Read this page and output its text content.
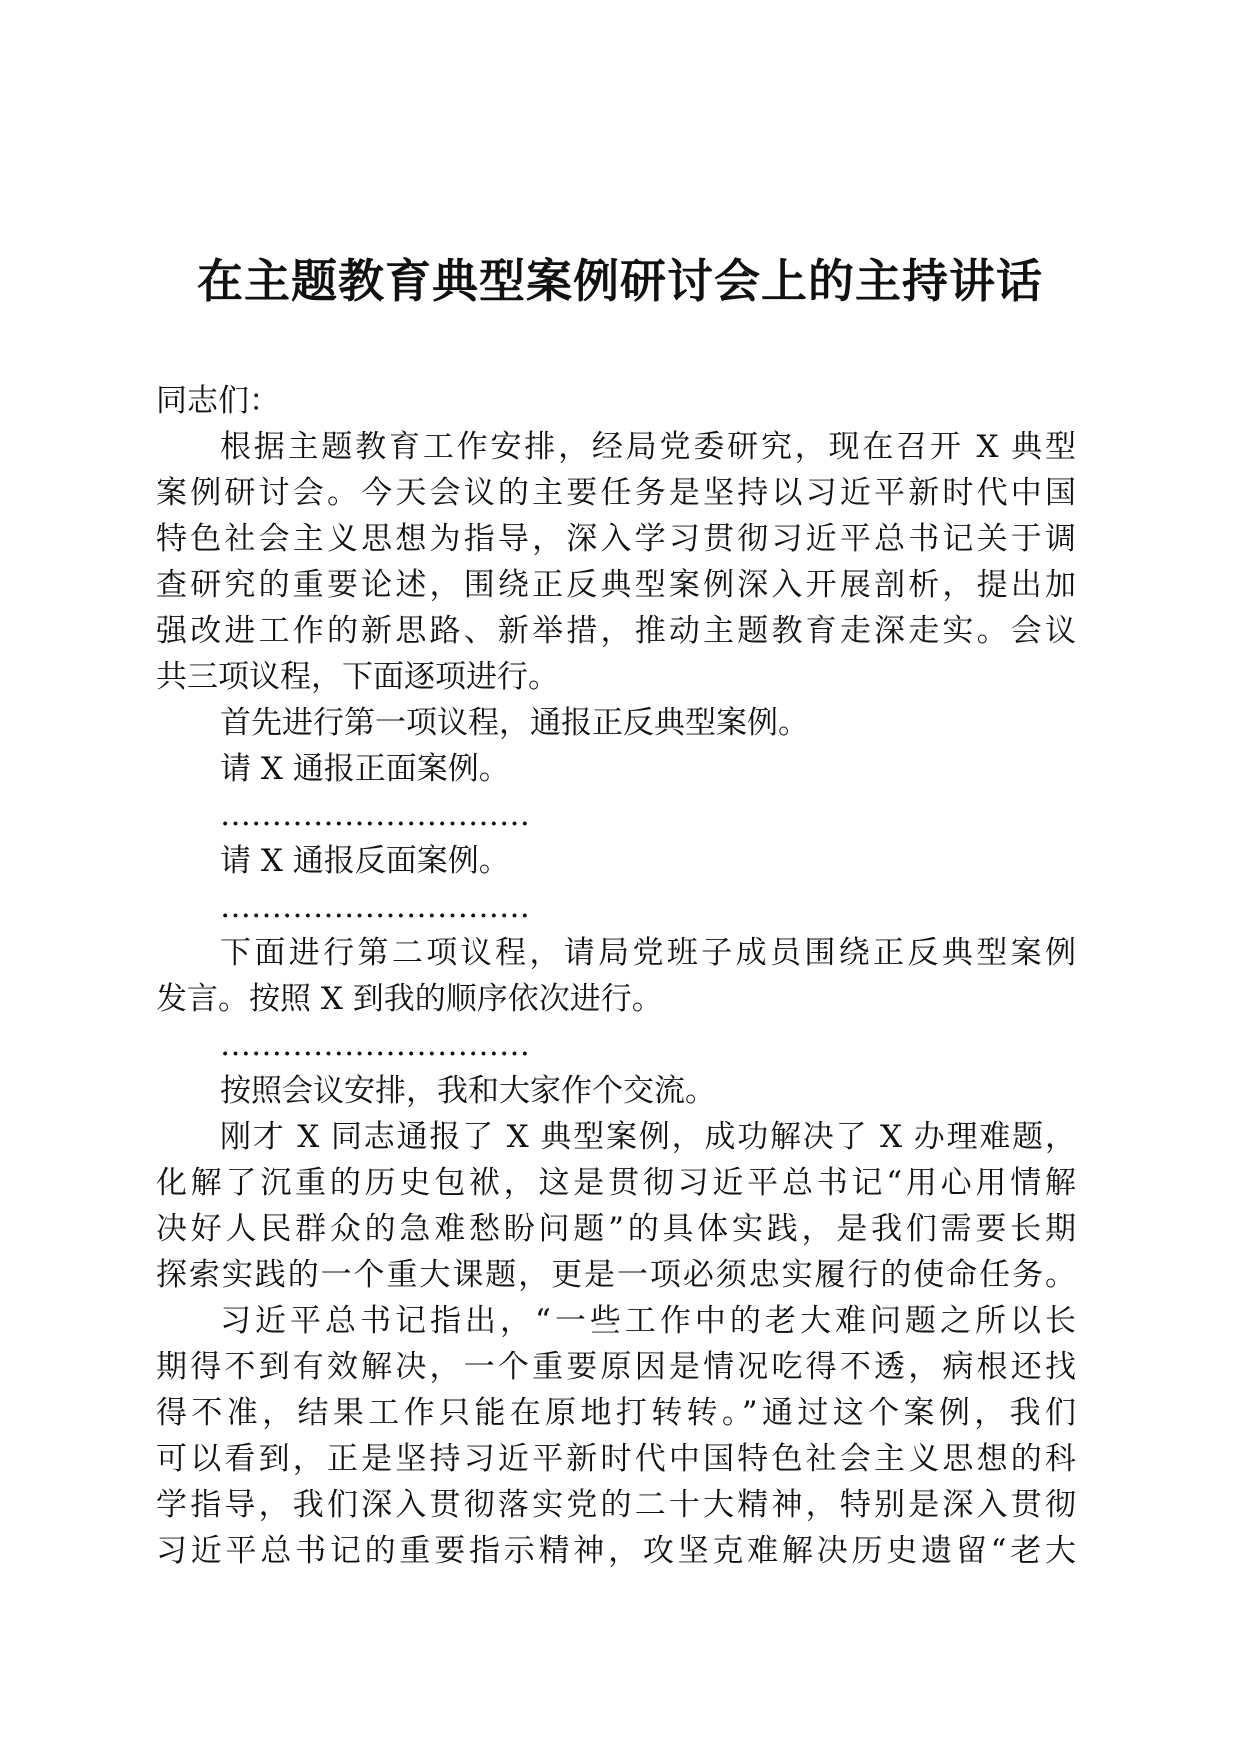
在主题教育典型案例研讨会上的主持讲话
同志们：
根据主题教育工作安排，经局党委研究，现在召开 X 典型
案例研讨会。今天会议的主要任务是坚持以习近平新时代中国
特色社会主义思想为指导，深入学习贯彻习近平总书记关于调
查研究的重要论述，围绕正反典型案例深入开展剖析，提出加
强改进工作的新思路、新举措，推动主题教育走深走实。会议
共三项议程，下面逐项进行。
首先进行第一项议程，通报正反典型案例。
请 X 通报正面案例。
…………………………
请 X 通报反面案例。
…………………………
下面进行第二项议程，请局党班子成员围绕正反典型案例
发言。按照 X 到我的顺序依次进行。
…………………………
按照会议安排，我和大家作个交流。
刚才 X 同志通报了 X 典型案例，成功解决了 X 办理难题，
化解了沉重的历史包袱，这是贯彻习近平总书记“用心用情解
决好人民群众的急难愁盼问题”的具体实践，是我们需要长期
探索实践的一个重大课题，更是一项必须忠实履行的使命任务。
习近平总书记指出，“一些工作中的老大难问题之所以长
期得不到有效解决，一个重要原因是情况吃得不透，病根还找
得不准，结果工作只能在原地打转转。”通过这个案例，我们
可以看到，正是坚持习近平新时代中国特色社会主义思想的科
学指导，我们深入贯彻落实党的二十大精神，特别是深入贯彻
习近平总书记的重要指示精神，攻坚克难解决历史遗留“老大
